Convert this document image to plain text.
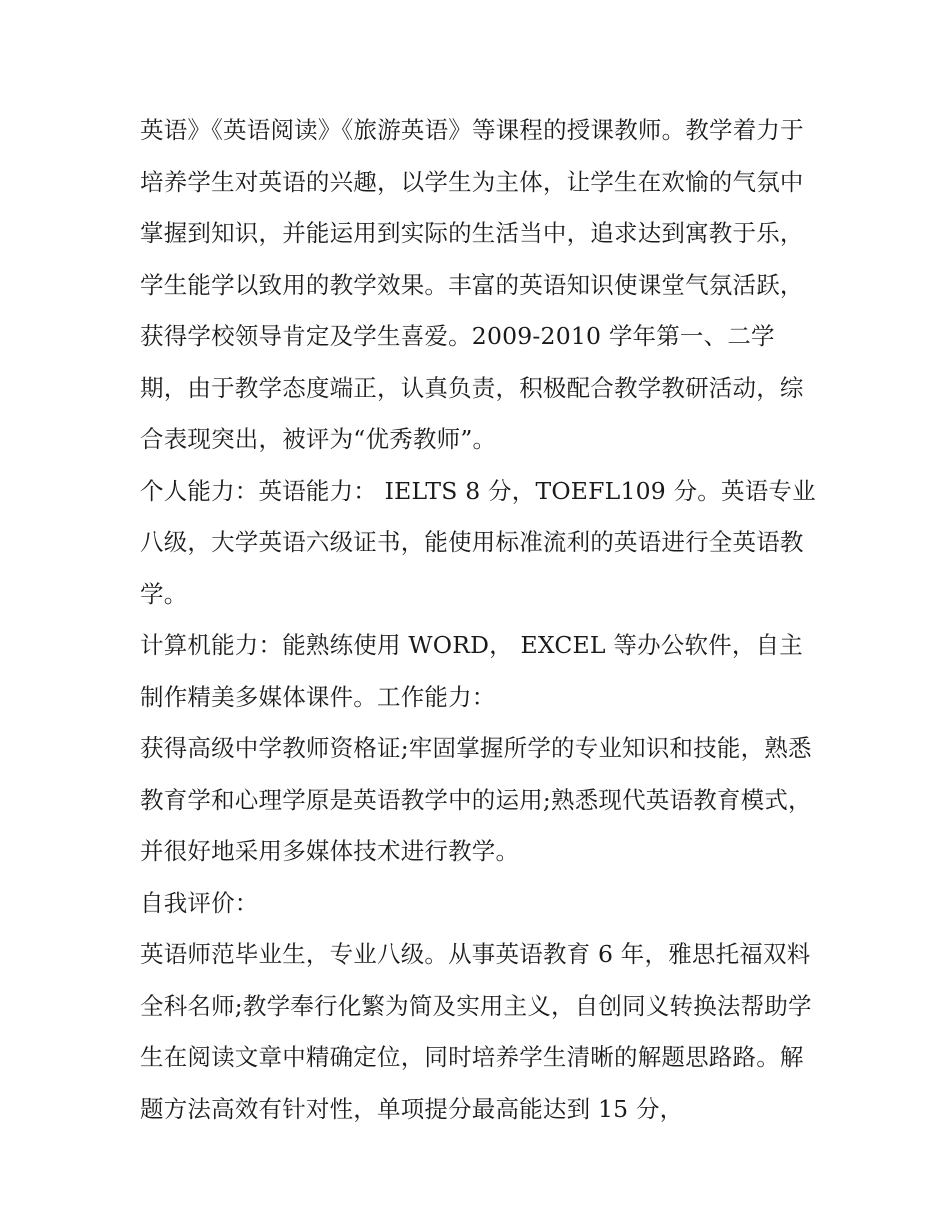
英语》《英语阅读》《旅游英语》等课程的授课教师。教学着力于培养学生对英语的兴趣，以学生为主体，让学生在欢愉的气氛中掌握到知识，并能运用到实际的生活当中，追求达到寓教于乐，学生能学以致用的教学效果。丰富的英语知识使课堂气氛活跃，获得学校领导肯定及学生喜爱。2009-2010 学年第一、二学期，由于教学态度端正，认真负责，积极配合教学教研活动，综合表现突出，被评为“优秀教师”。

个人能力：英语能力： IELTS 8 分，TOEFL109 分。英语专业八级，大学英语六级证书，能使用标准流利的英语进行全英语教学。

计算机能力：能熟练使用 WORD， EXCEL 等办公软件，自主制作精美多媒体课件。工作能力：

获得高级中学教师资格证;牢固掌握所学的专业知识和技能，熟悉教育学和心理学原是英语教学中的运用;熟悉现代英语教育模式，并很好地采用多媒体技术进行教学。

自我评价：

英语师范毕业生，专业八级。从事英语教育 6 年，雅思托福双料全科名师;教学奉行化繁为简及实用主义，自创同义转换法帮助学生在阅读文章中精确定位，同时培养学生清晰的解题思路路。解题方法高效有针对性，单项提分最高能达到 15 分，
